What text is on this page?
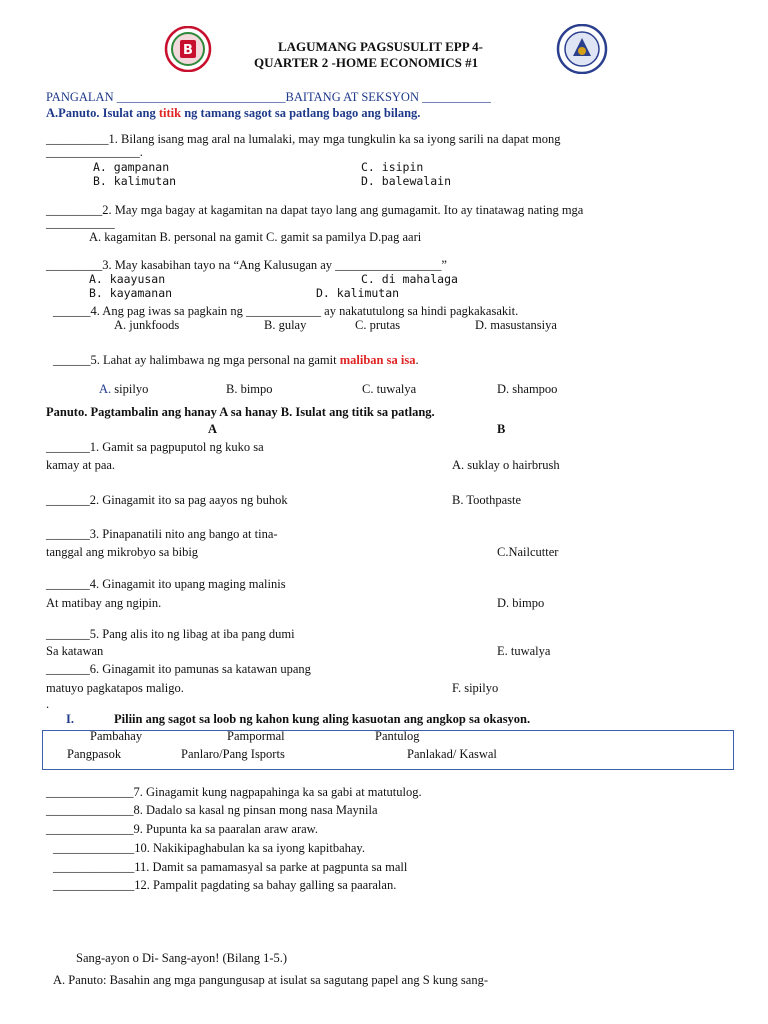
B	LAGUMANG PAGSUSULIT EPP 4-
QUARTER 2 -HOME ECONOMICS #1
PANGALAN ___________________________BAITANG AT SEKSYON ___________
A.Panuto. Isulat ang titik ng tamang sagot sa patlang bago ang bilang.
__________1. Bilang isang mag aral na lumalaki, may mga tungkulin ka sa iyong sarili na dapat mong
_______________.
A. gampanan	C. isipin
B. kalimutan	D. balewalain
_________2. May mga bagay at kagamitan na dapat tayo lang ang gumagamit. Ito ay tinatawag nating mga
___________
A. kagamitan B. personal na gamit C. gamit sa pamilya D.pag aari
_________3. May kasabihan tayo na “Ang Kalusugan ay _________________”
A. kaayusan	C. di mahalaga
B. kayamanan	D. kalimutan
______4. Ang pag iwas sa pagkain ng ____________ ay nakatutulong sa hindi pagkakasakit.
A. junkfoods	B. gulay	C. prutas	D. masustansiya
______5. Lahat ay halimbawa ng mga personal na gamit maliban sa isa.
A. sipilyo	B. bimpo	C. tuwalya	D. shampoo
Panuto. Pagtambalin ang hanay A sa hanay B. Isulat ang titik sa patlang.
A	B
_______1. Gamit sa pagpuputol ng kuko sa
kamay at paa.	A. suklay o hairbrush
_______2. Ginagamit ito sa pag aayos ng buhok	B. Toothpaste
_______3. Pinapanatili nito ang bango at tina-
tanggal ang mikrobyo sa bibig	C.Nailcutter
_______4. Ginagamit ito upang maging malinis
At matibay ang ngipin.	D. bimpo
_______5. Pang alis ito ng libag at iba pang dumi
Sa katawan	E. tuwalya
_______6. Ginagamit ito pamunas sa katawan upang
matuyo pagkatapos maligo.	F. sipilyo
.
I.	Piliin ang sagot sa loob ng kahon kung aling kasuotan ang angkop sa okasyon.
Pambahay	Pampormal	Pantulog
Pangpasok	Panlaro/Pang Isports	Panlakad/ Kaswal
______________7. Ginagamit kung nagpapahinga ka sa gabi at matutulog.
______________8. Dadalo sa kasal ng pinsan mong nasa Maynila
______________9. Pupunta ka sa paaralan araw araw.
_____________10. Nakikipaghabulan ka sa iyong kapitbahay.
_____________11. Damit sa pamamasyal sa parke at pagpunta sa mall
_____________12. Pampalit pagdating sa bahay galling sa paaralan.
Sang-ayon o Di- Sang-ayon! (Bilang 1-5.)
A. Panuto: Basahin ang mga pangungusap at isulat sa sagutang papel ang S kung sang-
